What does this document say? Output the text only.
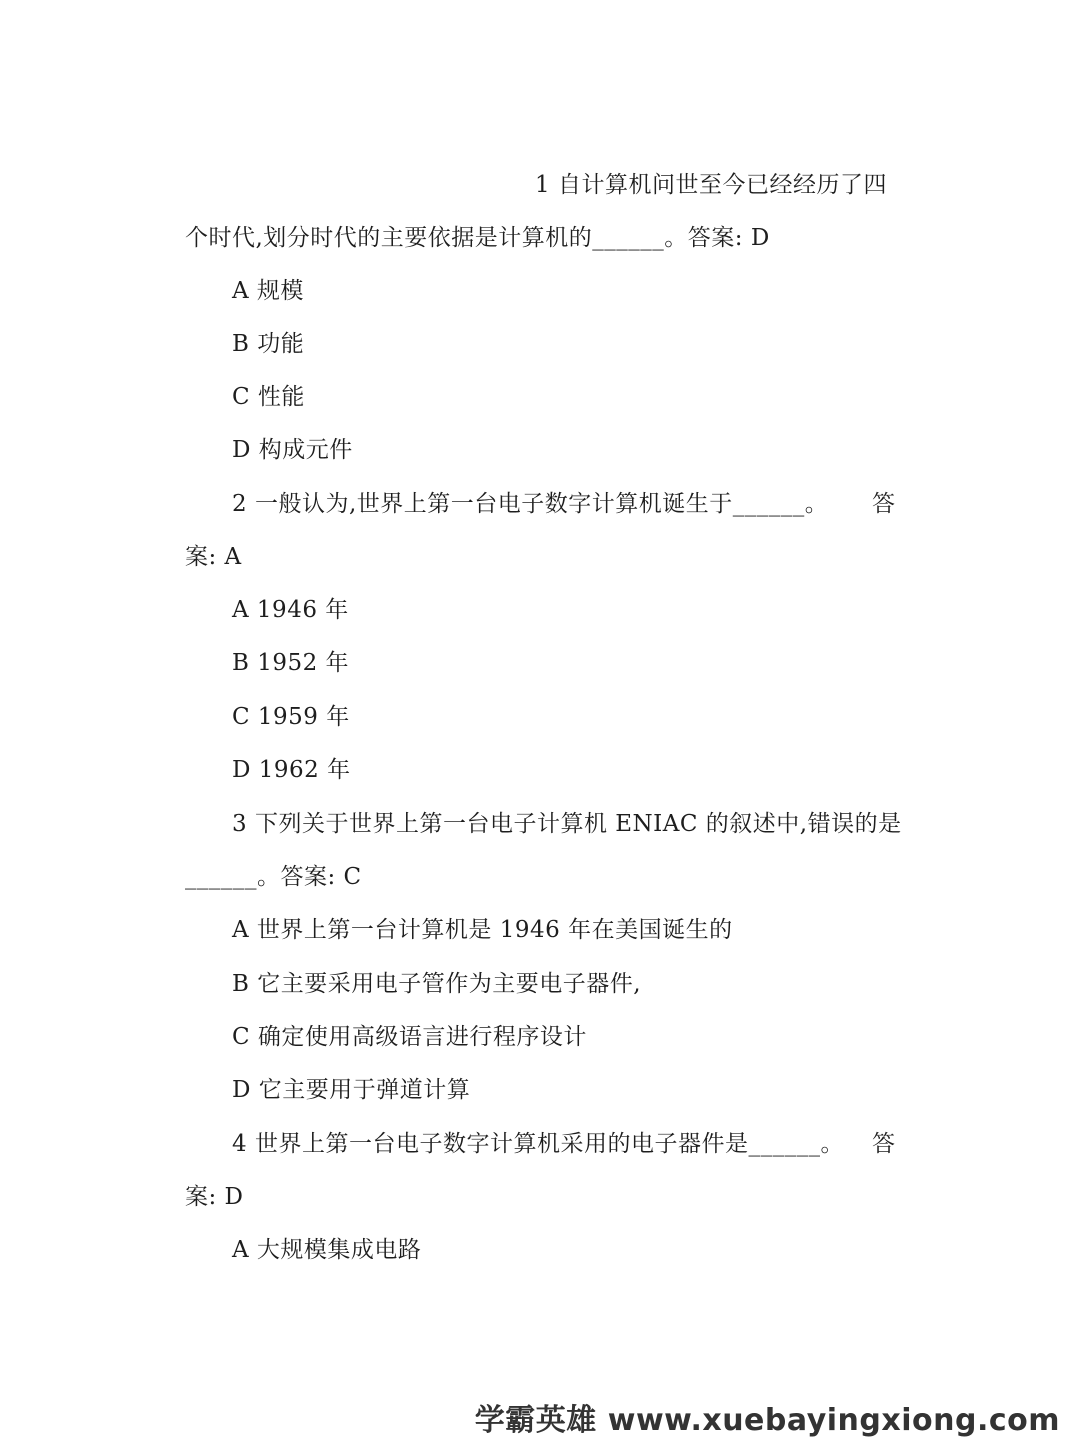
1 自计算机问世至今已经经历了四
个时代,划分时代的主要依据是计算机的______。答案: D
A 规模
B 功能
C 性能
D 构成元件
2 一般认为,世界上第一台电子数字计算机诞生于______。 答
案: A
A 1946 年
B 1952 年
C 1959 年
D 1962 年
3 下列关于世界上第一台电子计算机 ENIAC 的叙述中,错误的是
______。答案: C
A 世界上第一台计算机是 1946 年在美国诞生的
B 它主要采用电子管作为主要电子器件,
C 确定使用高级语言进行程序设计
D 它主要用于弹道计算
4 世界上第一台电子数字计算机采用的电子器件是______。 答
案: D
A 大规模集成电路
学霸英雄 www.xuebayingxiong.com
